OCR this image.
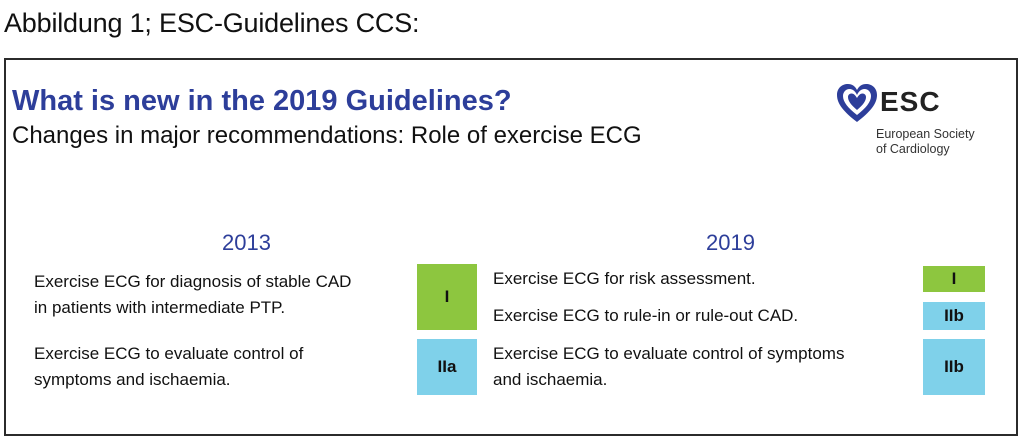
Abbildung 1; ESC-Guidelines CCS:
What is new in the 2019 Guidelines?
Changes in major recommendations: Role of exercise ECG
ESC
European Society
of Cardiology
2013
Exercise ECG for diagnosis of stable CAD
in patients with intermediate PTP.
I
Exercise ECG to evaluate control of
symptoms and ischaemia.
IIa
2019
Exercise ECG for risk assessment.	I
Exercise ECG to rule-in or rule-out CAD.	IIb
Exercise ECG to evaluate control of symptoms
and ischaemia.
IIb
